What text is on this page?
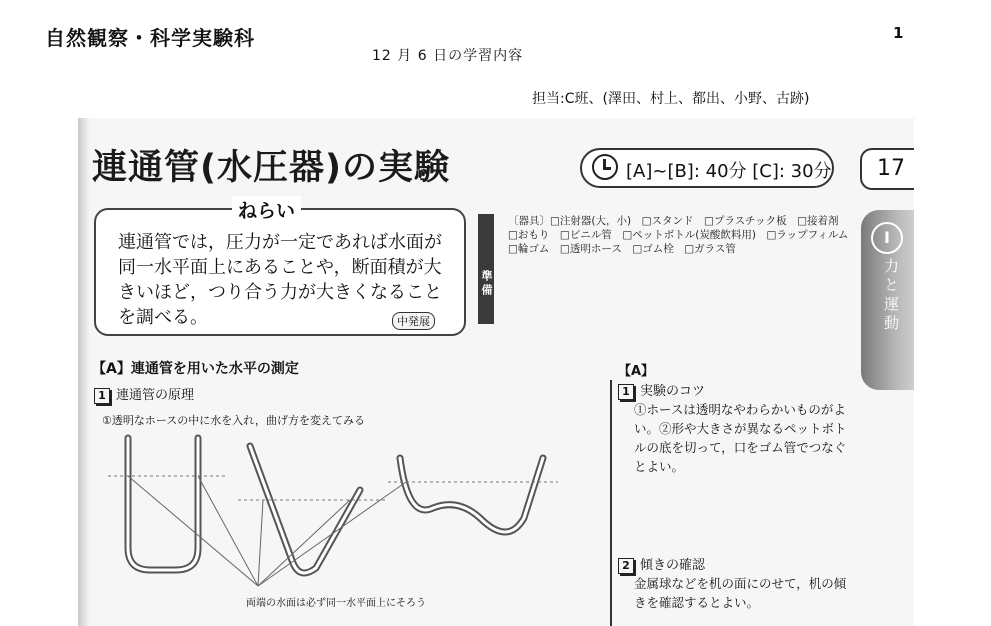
自然観察・科学実験科	1
12 月 6 日の学習内容
担当:C班、(澤田、村上、都出、小野、古跡)
連通管(水圧器)の実験	[A]~[B]: 40分 [C]: 30分	17
I
力と運動
ねらい
連通管では，圧力が一定であれば水面が同一水平面上にあることや，断面積が大きいほど，つり合う力が大きくなることを調べる。	中発展
準備
〔器具〕□注射器(大，小)　□スタンド　□プラスチック板　□接着剤　□おもり　□ビニル管　□ペットボトル(炭酸飲料用)　□ラップフィルム　□輪ゴム　□透明ホース　□ゴム栓　□ガラス管
【A】連通管を用いた水平の測定
1 連通管の原理
①透明なホースの中に水を入れ，曲げ方を変えてみる
両端の水面は必ず同一水平面上にそろう
【A】
1 実験のコツ
①ホースは透明なやわらかいものがよい。②形や大きさが異なるペットボトルの底を切って，口をゴム管でつなぐとよい。
2 傾きの確認
金属球などを机の面にのせて，机の傾きを確認するとよい。
